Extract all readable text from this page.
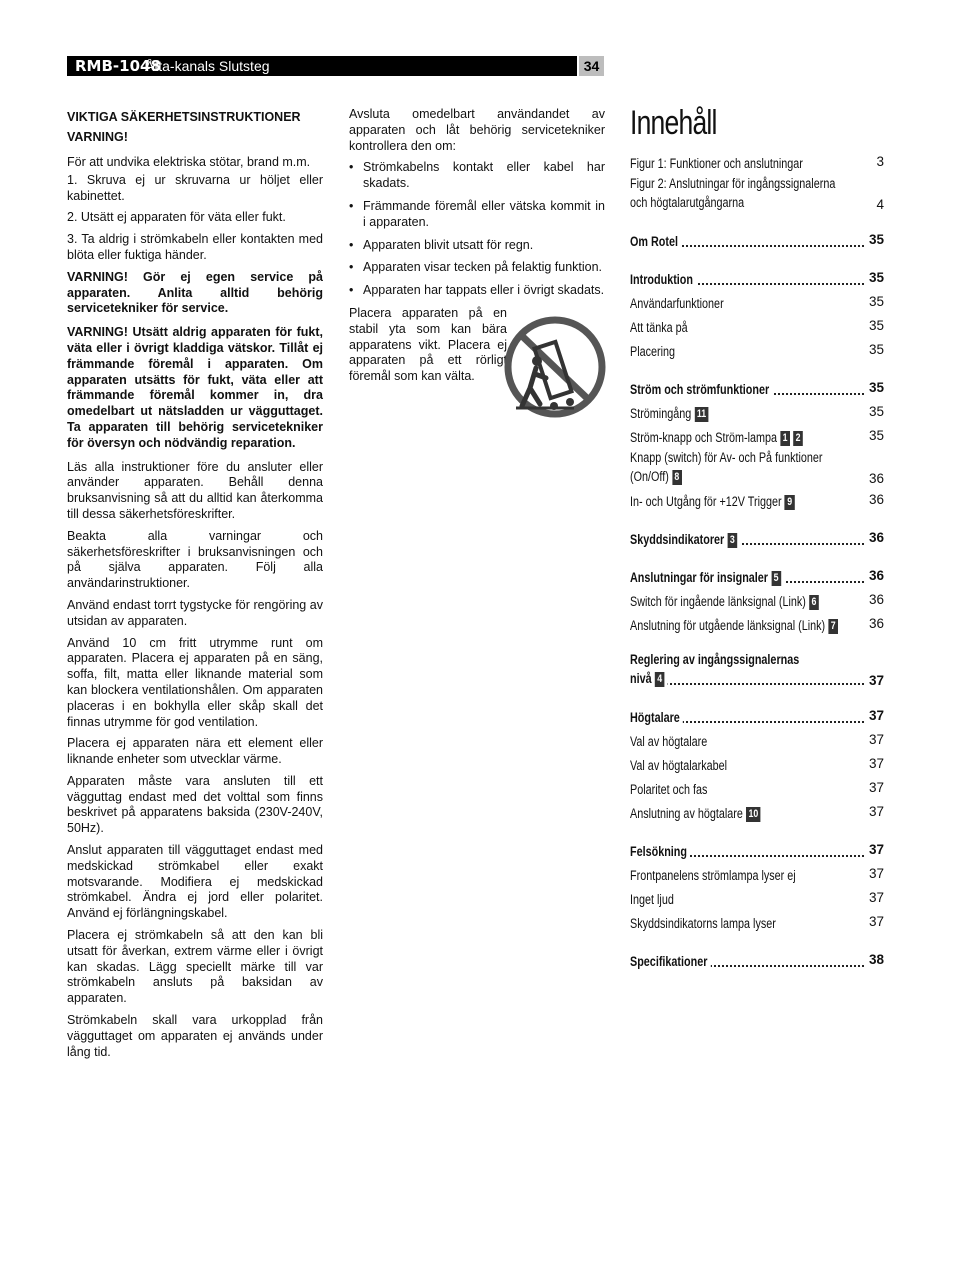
RMB-1048
Åtta-kanals Slutsteg	34

VIKTIGA SÄKERHETSINSTRUKTIONER

VARNING!

För att undvika elektriska stötar, brand m.m.

1. Skruva ej ur skruvarna ur höljet eller kabinettet.

2. Utsätt ej apparaten för väta eller fukt.

3. Ta aldrig i strömkabeln eller kontakten med blöta eller fuktiga händer.

VARNING! Gör ej egen service på apparaten. Anlita alltid behörig servicetekniker för service.

VARNING! Utsätt aldrig apparaten för fukt, väta eller i övrigt kladdiga vätskor. Tillåt ej främmande föremål i apparaten. Om apparaten utsätts för fukt, väta eller att främmande föremål kommer in, dra omedelbart ut nätsladden ur vägguttaget. Ta apparaten till behörig servicetekniker för översyn och nödvändig reparation.

Läs alla instruktioner före du ansluter eller använder apparaten. Behåll denna bruksanvisning så att du alltid kan återkomma till dessa säkerhetsföreskrifter.

Beakta alla varningar och säkerhetsföreskrifter i bruksanvisningen och på själva apparaten. Följ alla användarinstruktioner.

Använd endast torrt tygstycke för rengöring av utsidan av apparaten.

Använd 10 cm fritt utrymme runt om apparaten. Placera ej apparaten på en säng, soffa, filt, matta eller liknande material som kan blockera ventilationshålen. Om apparaten placeras i en bokhylla eller skåp skall det finnas utrymme för god ventilation.

Placera ej apparaten nära ett element eller liknande enheter som utvecklar värme.

Apparaten måste vara ansluten till ett vägguttag endast med det volttal som finns beskrivet på apparatens baksida (230V-240V, 50Hz).

Anslut apparaten till vägguttaget endast med medskickad strömkabel eller exakt motsvarande. Modifiera ej medskickad strömkabel. Ändra ej jord eller polaritet. Använd ej förlängningskabel.

Placera ej strömkabeln så att den kan bli utsatt för åverkan, extrem värme eller i övrigt kan skadas. Lägg speciellt märke till var strömkabeln ansluts på baksidan av apparaten.

Strömkabeln skall vara urkopplad från vägguttaget om apparaten ej används under lång tid.

Avsluta omedelbart användandet av apparaten och låt behörig servicetekniker kontrollera den om:

• Strömkabelns kontakt eller kabel har skadats.
• Främmande föremål eller vätska kommit in i apparaten.
• Apparaten blivit utsatt för regn.
• Apparaten visar tecken på felaktig funktion.
• Apparaten har tappats eller i övrigt skadats.

Placera apparaten på en stabil yta som kan bära apparatens vikt. Placera ej apparaten på ett rörligt föremål som kan välta.

Innehåll
Figur 1: Funktioner och anslutningar	3
Figur 2: Anslutningar för ingångssignalerna
och högtalarutgångarna	4
Om Rotel	35
Introduktion	35
Användarfunktioner	35
Att tänka på	35
Placering	35
Ström och strömfunktioner	35
Strömingång 11	35
Ström-knapp och Ström-lampa 1 2	35
Knapp (switch) för Av- och På funktioner
(On/Off) 8	36
In- och Utgång för +12V Trigger 9	36
Skyddsindikatorer 3	36
Anslutningar för insignaler 5	36
Switch för ingående länksignal (Link) 6	36
Anslutning för utgående länksignal (Link) 7 36
Reglering av ingångssignalernas
nivå 4	37
Högtalare	37
Val av högtalare	37
Val av högtalarkabel	37
Polaritet och fas	37
Anslutning av högtalare 10	37
Felsökning	37
Frontpanelens strömlampa lyser ej	37
Inget ljud	37
Skyddsindikatorns lampa lyser	37
Specifikationer	38
